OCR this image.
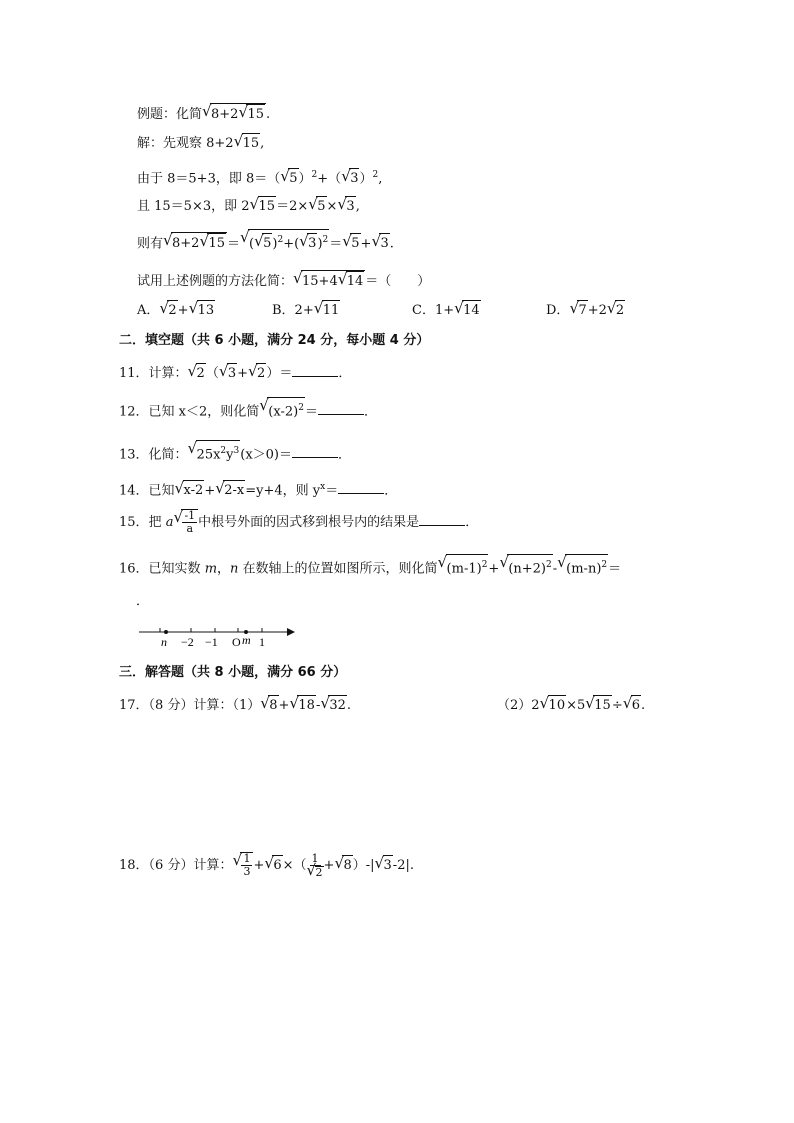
例题：化简√ 8+2√ 15 .
解：先观察 8+2√ 15,
由于 8＝5+3，即 8＝（√ 5）$^2$+（√ 3）$^2$,
且 15＝5×3，即 2√ 15＝2×√ 5×√ 3,
则有√ 8+2√ 15 ＝√ (√ 5)$^2$+(√ 3)$^2$＝√ 5+√ 3.
试用上述例题的方法化简：√ 15+4√ 14 ＝（　　）
A．√ 2+√ 13	B．2+√ 11	C．1+√ 14	D．√ 7+2√ 2
二．填空题（共 6 小题，满分 24 分，每小题 4 分）
11．计算：√ 2（√ 3+√ 2）＝	．
12．已知 x＜2，则化简√ $(x-2)^2=$	．
13．化简：√ $25x^2y^3(x>0)=$	．
14．已知√ x-2+√ 2-x=y+4，则 $y^x=$	．
15．把 a
√ $\frac{-1}{a}$ 中根号外面的因式移到根号内的结果是	．
16．已知实数 m，n 在数轴上的位置如图所示，则化简√ $(m-1)^2+√$ $(n+2)^2-√$ $(m-n)^2=$
．
n −2 −1 O m 1
三．解答题（共 8 小题，满分 66 分）
17．（8 分）计算：（1）√ 8+√ 18-√ 32.	（2）2√ 10×5√ 15÷√ 6.
18．（6 分）计算：
√ $\frac{1}{3}$ +√ 6×（ 1
√ 2 +√ 8）-|√ 3-2|.
